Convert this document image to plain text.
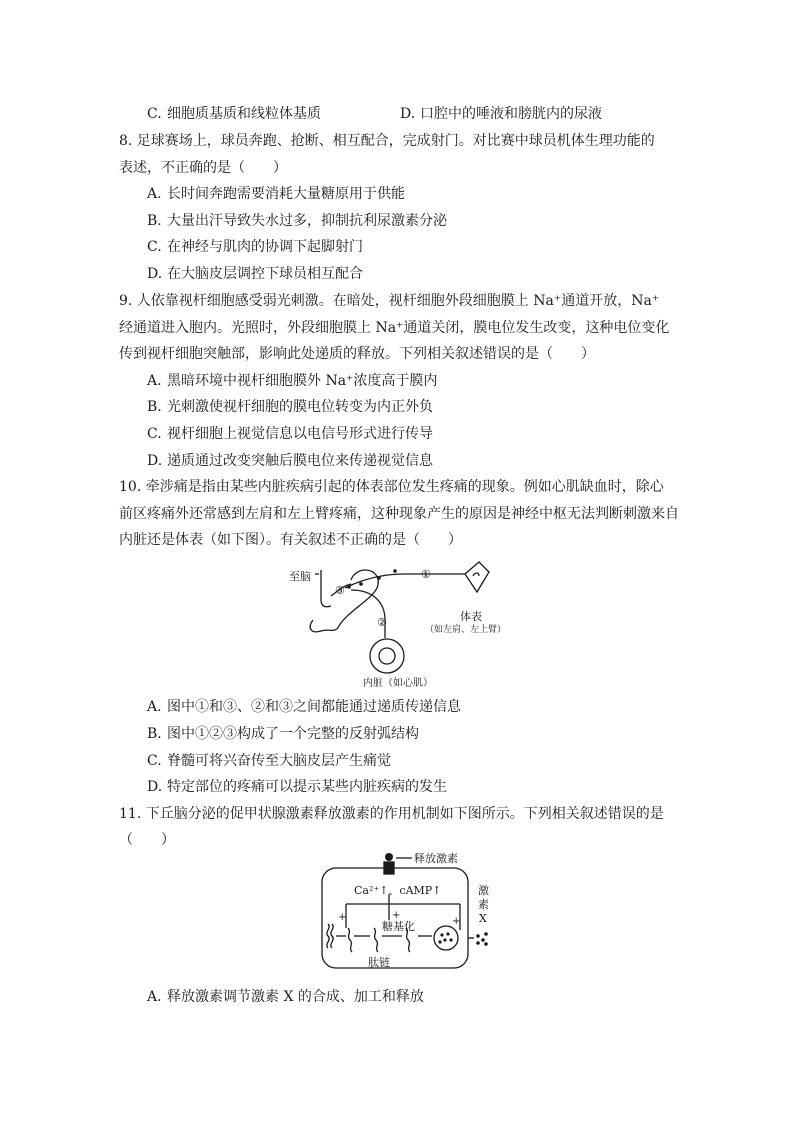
C. 细胞质基质和线粒体基质	D. 口腔中的唾液和膀胱内的尿液
8. 足球赛场上，球员奔跑、抢断、相互配合，完成射门。对比赛中球员机体生理功能的
表述，不正确的是（　　）
A. 长时间奔跑需要消耗大量糖原用于供能
B. 大量出汗导致失水过多，抑制抗利尿激素分泌
C. 在神经与肌肉的协调下起脚射门
D. 在大脑皮层调控下球员相互配合
9. 人依靠视杆细胞感受弱光刺激。在暗处，视杆细胞外段细胞膜上 Na⁺通道开放，Na⁺
经通道进入胞内。光照时，外段细胞膜上 Na⁺通道关闭，膜电位发生改变，这种电位变化
传到视杆细胞突触部，影响此处递质的释放。下列相关叙述错误的是（　　）
A. 黑暗环境中视杆细胞膜外 Na⁺浓度高于膜内
B. 光刺激使视杆细胞的膜电位转变为内正外负
C. 视杆细胞上视觉信息以电信号形式进行传导
D. 递质通过改变突触后膜电位来传递视觉信息
10. 牵涉痛是指由某些内脏疾病引起的体表部位发生疼痛的现象。例如心肌缺血时，除心
前区疼痛外还常感到左肩和左上臂疼痛，这种现象产生的原因是神经中枢无法判断刺激来自
内脏还是体表（如下图）。有关叙述不正确的是（　　）
至脑
③
①
②	体表
（如左肩、左上臂）
内脏（如心肌）
A. 图中①和③、②和③之间都能通过递质传递信息
B. 图中①②③构成了一个完整的反射弧结构
C. 脊髓可将兴奋传至大脑皮层产生痛觉
D. 特定部位的疼痛可以提示某些内脏疾病的发生
11. 下丘脑分泌的促甲状腺激素释放激素的作用机制如下图所示。下列相关叙述错误的是
（　　）
释放激素
Ca²⁺↑、cAMP↑
+	+
+
糖基化
肽链
激
素
X
A. 释放激素调节激素 X 的合成、加工和释放
